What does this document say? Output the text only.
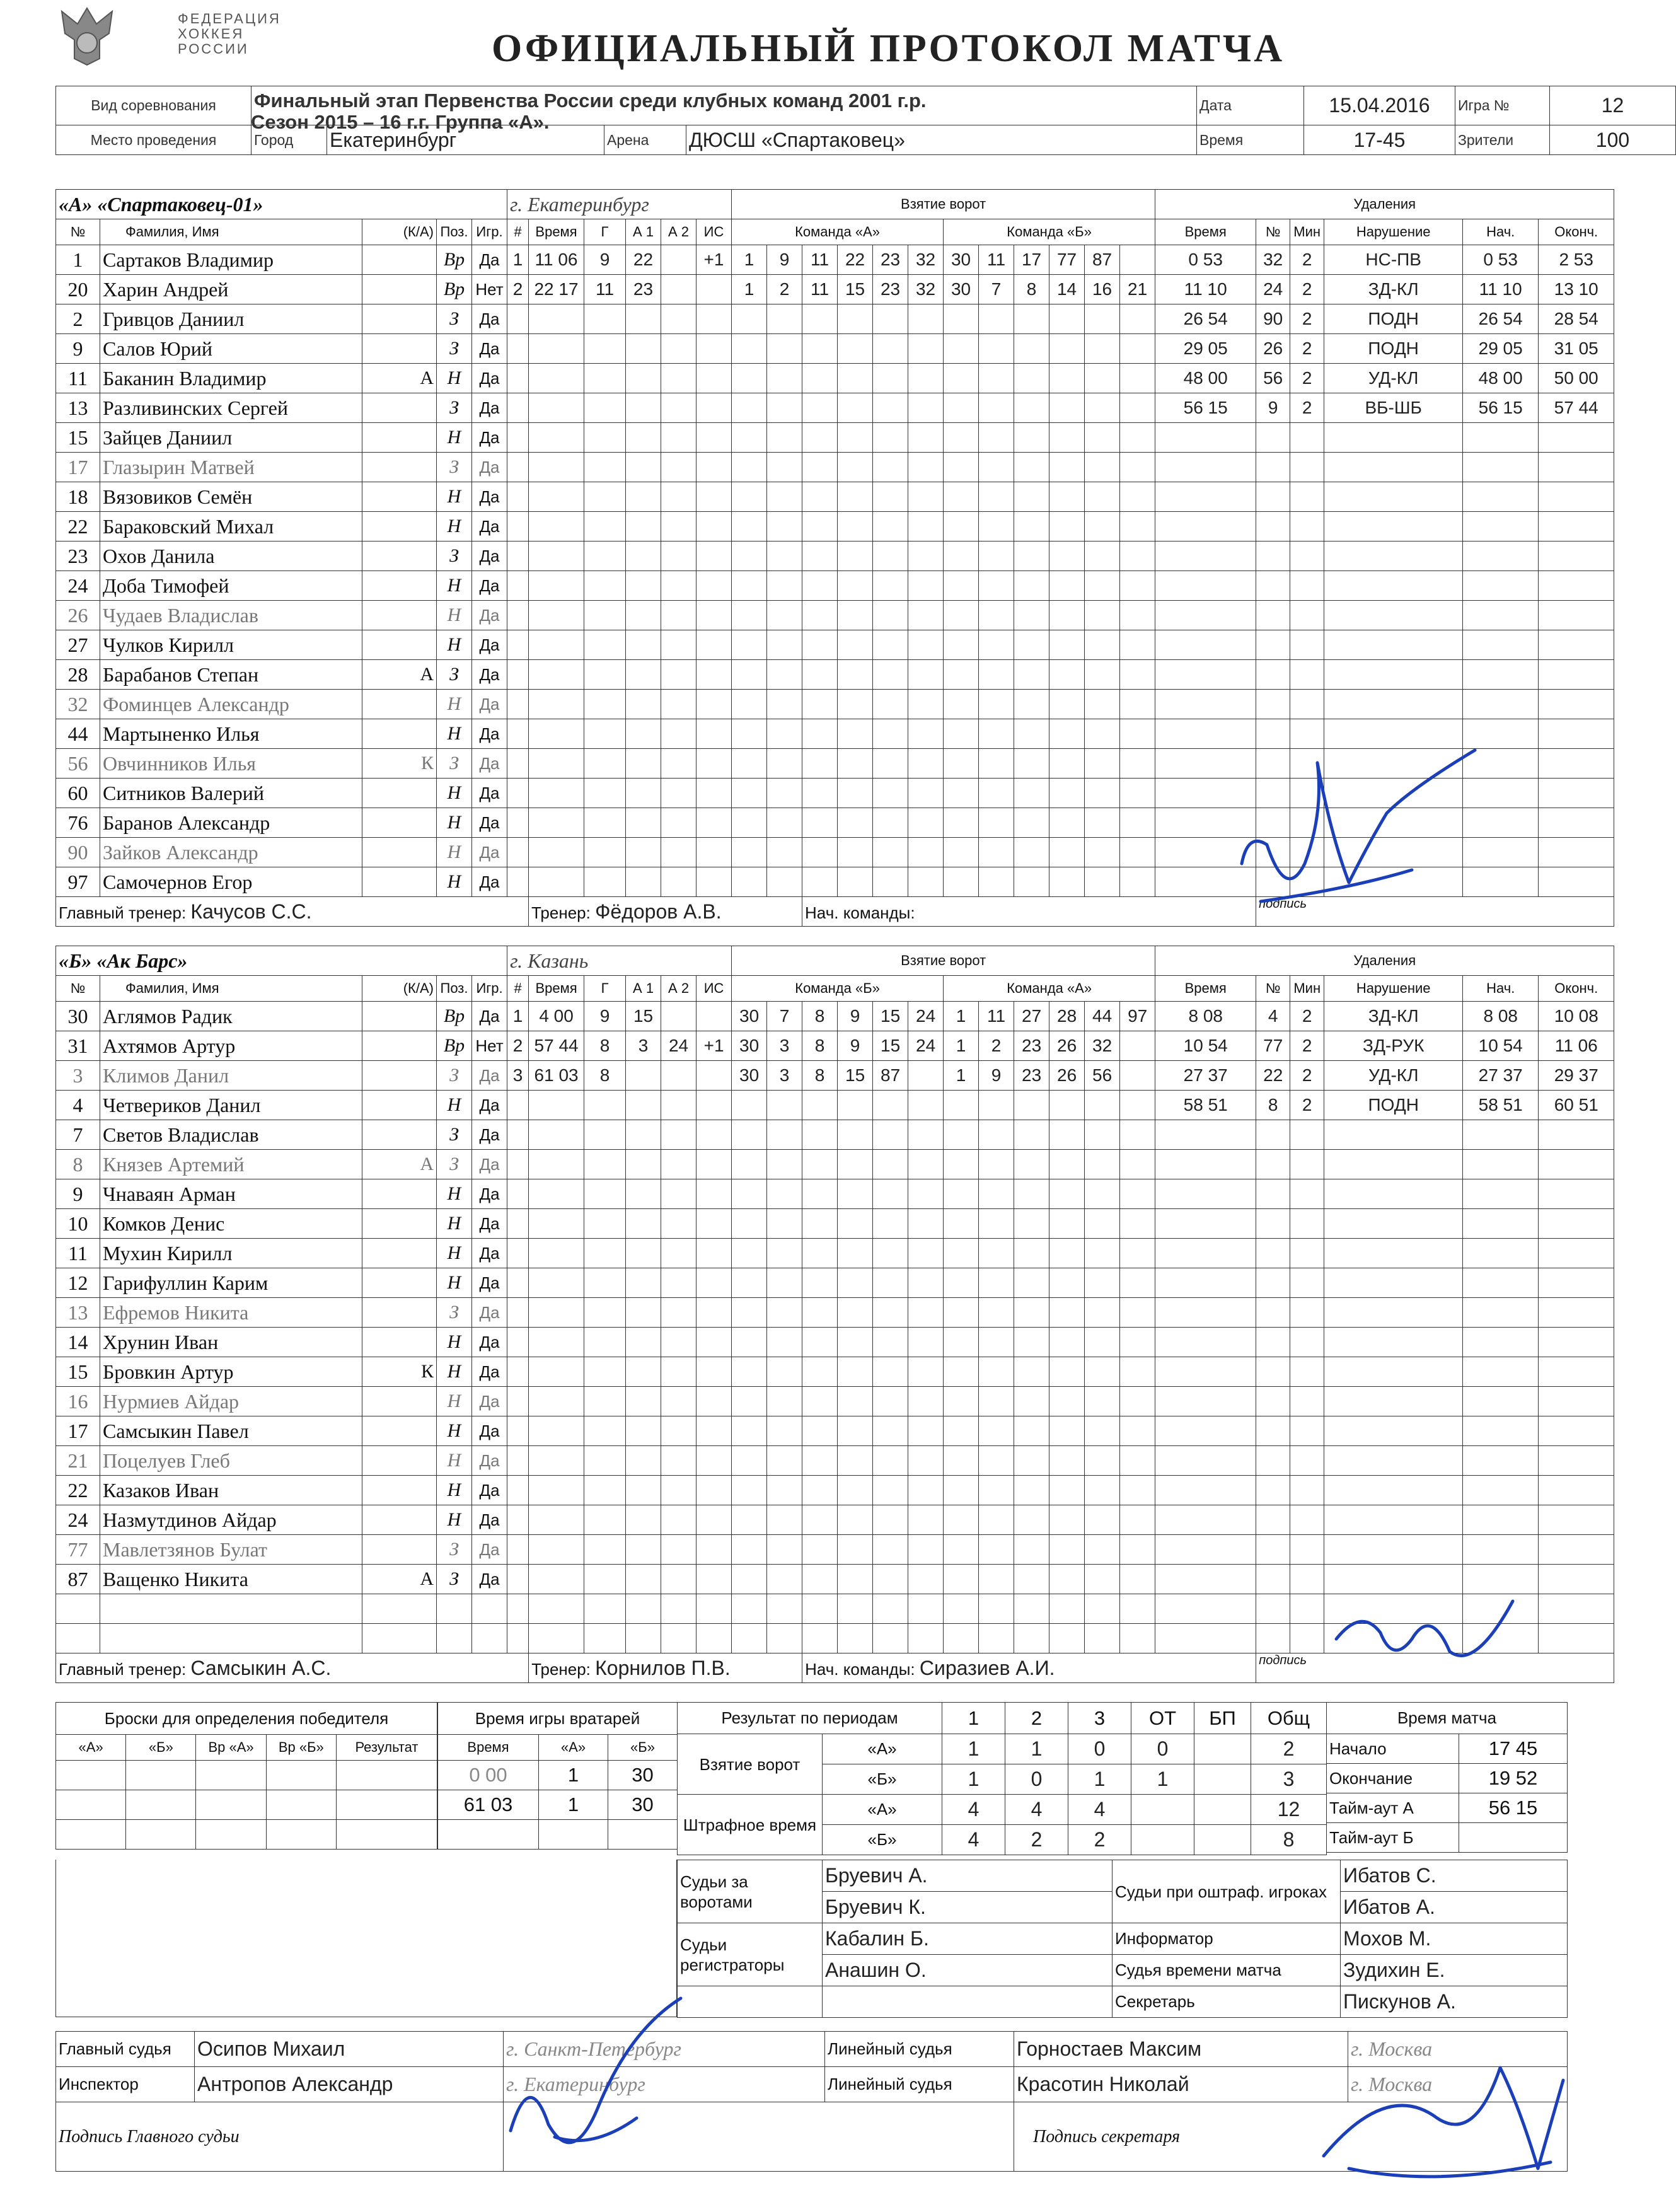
ФЕДЕРАЦИЯ
ХОККЕЯ
РОССИИ	ОФИЦИАЛЬНЫЙ ПРОТОКОЛ МАТЧА
Вид соревнования	Финальный этап Первенства России среди клубных команд 2001 г.р.				Дата	15.04.2016	Игра №	12
Место проведения	Город	Екатеринбург	Арена	ДЮСШ «Спартаковец»	Время	17-45	Зрители	100
Сезон 2015 – 16 г.г. Группа «А».
«А» «Спартаковец-01»					г. Екатеринбург						Взятие ворот												Удаления					
№	Фамилия, Имя	(К/А)	Поз.	Игр.	#	Время	Г	А 1	А 2	ИС	Команда «А»						Команда «Б»						Время	№	Мин	Нарушение	Нач.	Оконч.
1	Сартаков Владимир		Вр	Да	1	11 06	9	22		+1	1	9	11	22	23	32	30	11	17	77	87		0 53	32	2	НС-ПВ	0 53	2 53
20	Харин Андрей		Вр	Нет	2	22 17	11	23			1	2	11	15	23	32	30	7	8	14	16	21	11 10	24	2	ЗД-КЛ	11 10	13 10
2	Гривцов Даниил		З	Да																			26 54	90	2	ПОДН	26 54	28 54
9	Салов Юрий		З	Да																			29 05	26	2	ПОДН	29 05	31 05
11	Баканин Владимир	А	Н	Да																			48 00	56	2	УД-КЛ	48 00	50 00
13	Разливинских Сергей		З	Да																			56 15	9	2	ВБ-ШБ	56 15	57 44
15	Зайцев Даниил		Н	Да																								
17	Глазырин Матвей		З	Да																								
18	Вязовиков Семён		Н	Да																								
22	Бараковский Михал		Н	Да																								
23	Охов Данила		З	Да																								
24	Доба Тимофей		Н	Да																								
26	Чудаев Владислав		Н	Да																								
27	Чулков Кирилл		Н	Да																								
28	Барабанов Степан	А	З	Да																								
32	Фоминцев Александр		Н	Да																								
44	Мартыненко Илья		Н	Да																								
56	Овчинников Илья	К	З	Да																								
60	Ситников Валерий		Н	Да																								
76	Баранов Александр		Н	Да																								
90	Зайков Александр		Н	Да																								
97	Самочернов Егор		Н	Да																								
Главный тренер: Качусов С.С.						Тренер: Фёдоров А.В.							Нач. команды:											подпись				
«Б» «Ак Барс»					г. Казань						Взятие ворот												Удаления					
№	Фамилия, Имя	(К/А)	Поз.	Игр.	#	Время	Г	А 1	А 2	ИС	Команда «Б»						Команда «А»						Время	№	Мин	Нарушение	Нач.	Оконч.
30	Аглямов Радик		Вр	Да	1	4 00	9	15			30	7	8	9	15	24	1	11	27	28	44	97	8 08	4	2	ЗД-КЛ	8 08	10 08
31	Ахтямов Артур		Вр	Нет	2	57 44	8	3	24	+1	30	3	8	9	15	24	1	2	23	26	32		10 54	77	2	ЗД-РУК	10 54	11 06
3	Климов Данил		З	Да	3	61 03	8				30	3	8	15	87		1	9	23	26	56		27 37	22	2	УД-КЛ	27 37	29 37
4	Четвериков Данил		Н	Да																			58 51	8	2	ПОДН	58 51	60 51
7	Светов Владислав		З	Да																								
8	Князев Артемий	А	З	Да																								
9	Чнаваян Арман		Н	Да																								
10	Комков Денис		Н	Да																								
11	Мухин Кирилл		Н	Да																								
12	Гарифуллин Карим		Н	Да																								
13	Ефремов Никита		З	Да																								
14	Хрунин Иван		Н	Да																								
15	Бровкин Артур	К	Н	Да																								
16	Нурмиев Айдар		Н	Да																								
17	Самсыкин Павел		Н	Да																								
21	Поцелуев Глеб		Н	Да																								
22	Казаков Иван		Н	Да																								
24	Назмутдинов Айдар		Н	Да																								
77	Мавлетзянов Булат		З	Да																								
87	Ващенко Никита	А	З	Да																								

Главный тренер: Самсыкин А.С.						Тренер: Корнилов П.В.							Нач. команды: Сиразиев А.И.											подпись				
Броски для определения победителя				
«А»	«Б»	Вр «А»	Вр «Б»	Результат

Время игры вратарей		
Время	«А»	«Б»
0 00	1	30
61 03	1	30

Результат по периодам		1	2	3	ОТ	БП	Общ
Взятие ворот	«А»	1	1	0	0		2
	«Б»	1	0	1	1		3
Штрафное время	«А»	4	4	4			12
	«Б»	4	2	2			8
Время матча	
Начало	17 45
Окончание	19 52
Тайм-аут А	56 15
Тайм-аут Б	
Судьи за воротами	Бруевич А.	Судьи при оштраф. игроках	Ибатов С.
	Бруевич К.		Ибатов А.
Судьи регистраторы	Кабалин Б.	Информатор	Мохов М.
	Анашин О.	Судья времени матча	Зудихин Е.
		Секретарь	Пискунов А.
Главный судья	Осипов Михаил	г. Санкт-Петербург	Линейный судья	Горностаев Максим	г. Москва
Инспектор	Антропов Александр	г. Екатеринбург	Линейный судья	Красотин Николай	г. Москва
Подпись Главного судьи				Подпись секретаря	
